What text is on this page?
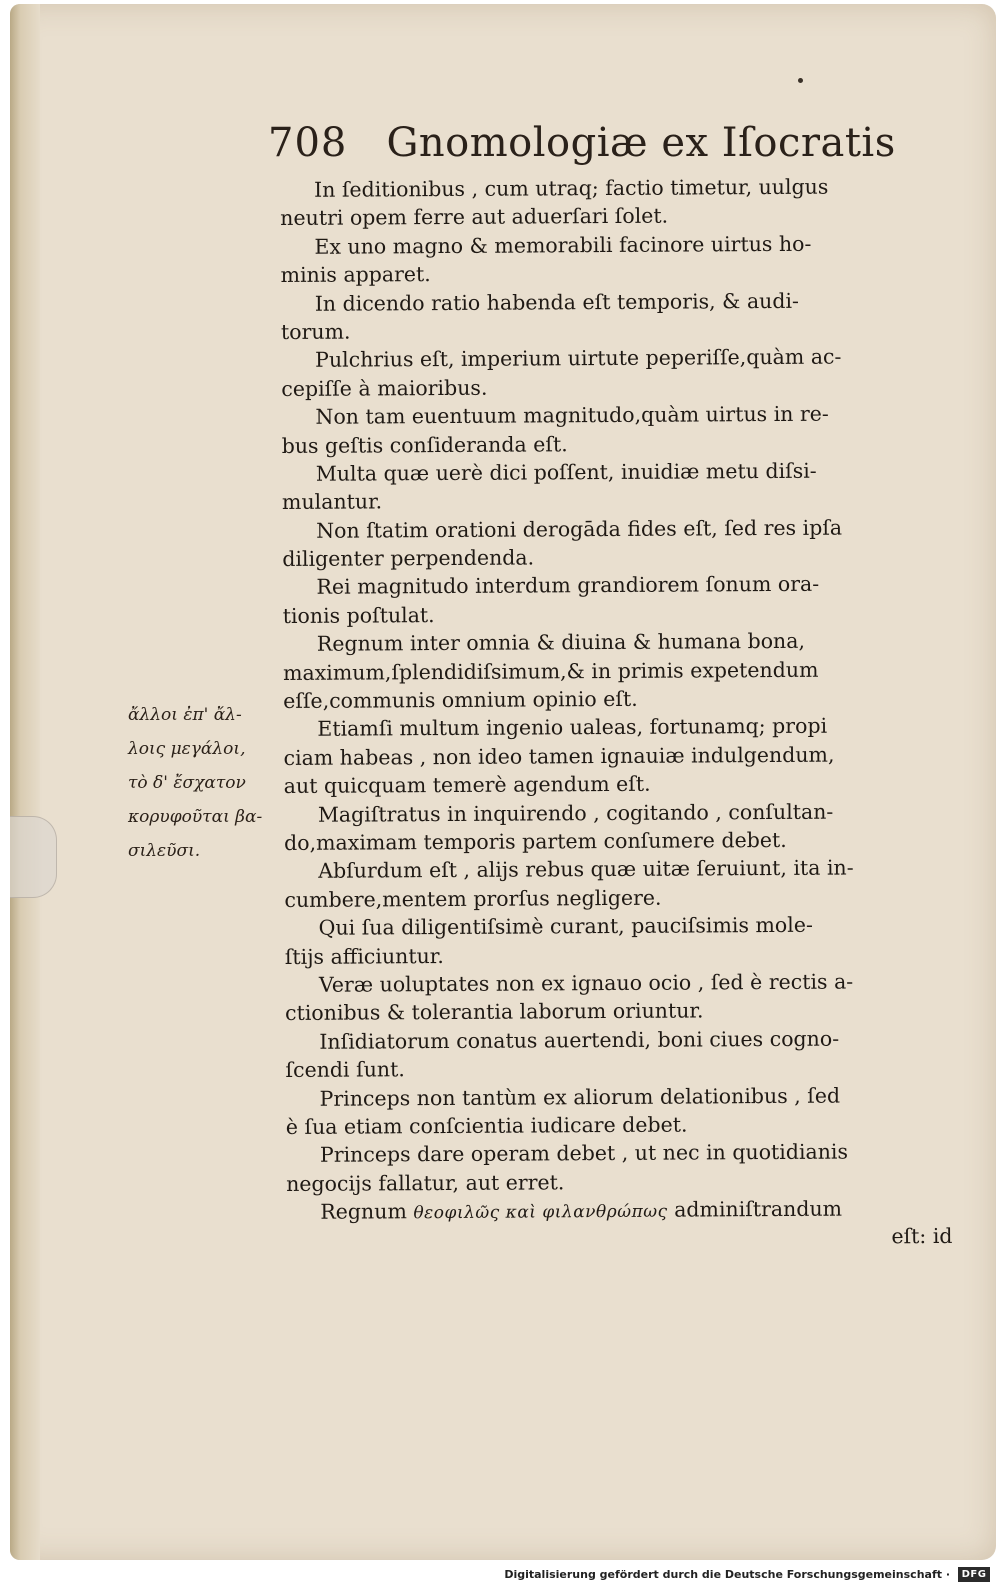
708 Gnomologiæ ex Iſocratis
ἄλλοι ἐπ' ἄλ-
λοις μεγάλοι,
τὸ δ' ἔσχατον
κορυφοῦται βα-
σιλεῦσι.
In ſeditionibus , cum utraq; factio timetur, uulgus
neutri opem ferre aut aduerſari ſolet.
Ex uno magno & memorabili facinore uirtus ho-
minis apparet.
In dicendo ratio habenda eſt temporis, & audi-
torum.
Pulchrius eſt, imperium uirtute peperiſſe,quàm ac-
cepiſſe à maioribus.
Non tam euentuum magnitudo,quàm uirtus in re-
bus geſtis conſideranda eſt.
Multa quæ uerè dici poſſent, inuidiæ metu diſsi-
mulantur.
Non ſtatim orationi derogāda fides eſt, ſed res ipſa
diligenter perpendenda.
Rei magnitudo interdum grandiorem ſonum ora-
tionis poſtulat.
Regnum inter omnia & diuina & humana bona,
maximum,ſplendidiſsimum,& in primis expetendum
eſſe,communis omnium opinio eſt.
Etiamſi multum ingenio ualeas, fortunamq; propi
ciam habeas , non ideo tamen ignauiæ indulgendum,
aut quicquam temerè agendum eſt.
Magiſtratus in inquirendo , cogitando , conſultan-
do,maximam temporis partem conſumere debet.
Abſurdum eſt , alijs rebus quæ uitæ ſeruiunt, ita in-
cumbere,mentem prorſus negligere.
Qui ſua diligentiſsimè curant, pauciſsimis mole-
ſtijs afficiuntur.
Veræ uoluptates non ex ignauo ocio , ſed è rectis a-
ctionibus & tolerantia laborum oriuntur.
Inſidiatorum conatus auertendi, boni ciues cogno-
ſcendi ſunt.
Princeps non tantùm ex aliorum delationibus , ſed
è ſua etiam conſcientia iudicare debet.
Princeps dare operam debet , ut nec in quotidianis
negocijs fallatur, aut erret.
Regnum θεοφιλῶς καὶ φιλανθρώπως adminiſtrandum
eſt: id
Digitalisierung gefördert durch die Deutsche Forschungsgemeinschaft ·	DFG
